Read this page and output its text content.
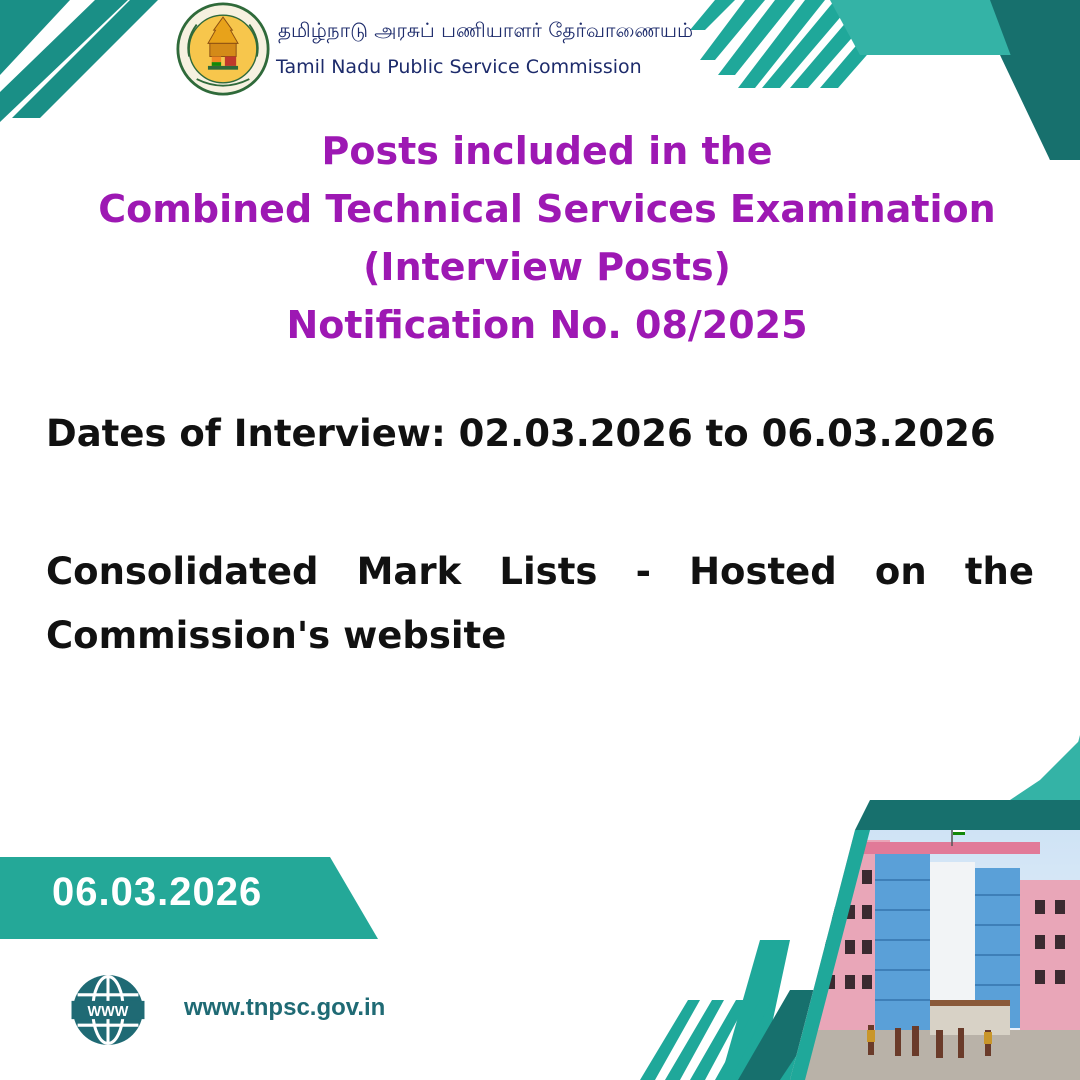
தமிழ்நாடு அரசுப் பணியாளர் தேர்வாணையம்
Tamil Nadu Public Service Commission
Posts included in the
Combined Technical Services Examination
(Interview Posts)
Notification No. 08/2025
Dates of Interview: 02.03.2026 to 06.03.2026
Consolidated Mark Lists - Hosted on the
Commission's website
06.03.2026
WWW www.tnpsc.gov.in
